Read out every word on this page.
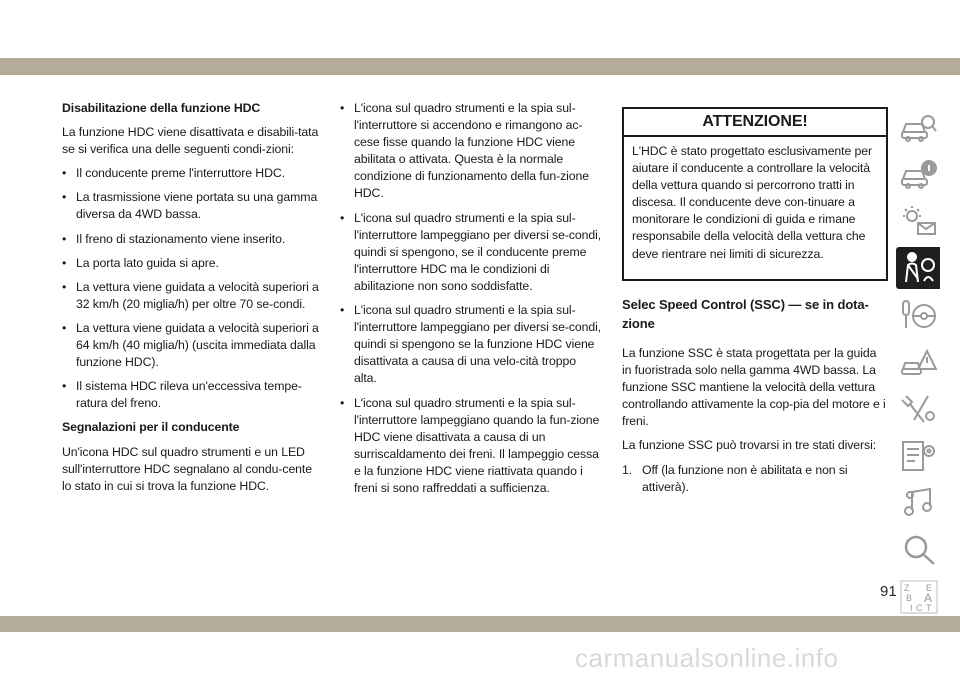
Disabilitazione della funzione HDC

La funzione HDC viene disattivata e disabili-tata se si verifica una delle seguenti condi-zioni:

• Il conducente preme l'interruttore HDC.
• La trasmissione viene portata su una gamma diversa da 4WD bassa.
• Il freno di stazionamento viene inserito.
• La porta lato guida si apre.
• La vettura viene guidata a velocità superiori a 32 km/h (20 miglia/h) per oltre 70 se-condi.
• La vettura viene guidata a velocità superiori a 64 km/h (40 miglia/h) (uscita immediata dalla funzione HDC).
• Il sistema HDC rileva un'eccessiva tempe-ratura del freno.

Segnalazioni per il conducente

Un'icona HDC sul quadro strumenti e un LED sull'interruttore HDC segnalano al condu-cente lo stato in cui si trova la funzione HDC.

• L'icona sul quadro strumenti e la spia sul-l'interruttore si accendono e rimangono ac-cese fisse quando la funzione HDC viene abilitata o attivata. Questa è la normale condizione di funzionamento della fun-zione HDC.
• L'icona sul quadro strumenti e la spia sul-l'interruttore lampeggiano per diversi se-condi, quindi si spengono, se il conducente preme l'interruttore HDC ma le condizioni di abilitazione non sono soddisfatte.
• L'icona sul quadro strumenti e la spia sul-l'interruttore lampeggiano per diversi se-condi, quindi si spengono se la funzione HDC viene disattivata a causa di una velo-cità troppo alta.
• L'icona sul quadro strumenti e la spia sul-l'interruttore lampeggiano quando la fun-zione HDC viene disattivata a causa di un surriscaldamento dei freni. Il lampeggio cessa e la funzione HDC viene riattivata quando i freni si sono raffreddati a sufficienza.
ATTENZIONE!
L'HDC è stato progettato esclusivamente per aiutare il conducente a controllare la velocità della vettura quando si percorrono tratti in discesa. Il conducente deve con-tinuare a monitorare le condizioni di guida e rimane responsabile della velocità della vettura che deve rientrare nei limiti di sicurezza.
Selec Speed Control (SSC) — se in dota-zione

La funzione SSC è stata progettata per la guida in fuoristrada solo nella gamma 4WD bassa. La funzione SSC mantiene la velocità della vettura controllando attivamente la cop-pia del motore e i freni.

La funzione SSC può trovarsi in tre stati diversi:

1. Off (la funzione non è abilitata e non si attiverà).
Z E
B A
I C T
91
carmanualsonline.info
